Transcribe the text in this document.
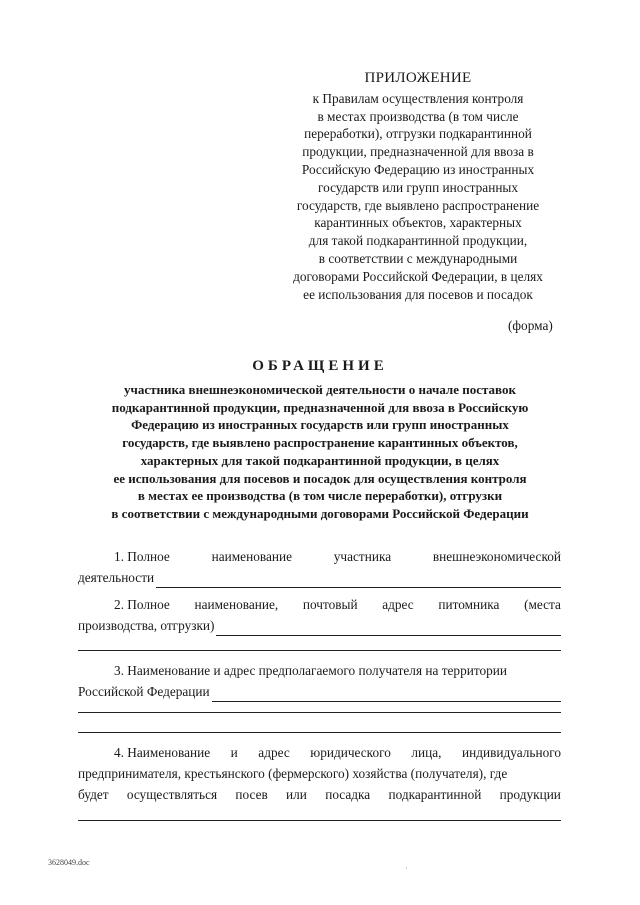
ПРИЛОЖЕНИЕ
к Правилам осуществления контроля
в местах производства (в том числе
переработки), отгрузки подкарантинной
продукции, предназначенной для ввоза в
Российскую Федерацию из иностранных
государств или групп иностранных
государств, где выявлено распространение
карантинных объектов, характерных
для такой подкарантинной продукции,
в соответствии с международными
договорами Российской Федерации, в целях
ее использования для посевов и посадок
(форма)
ОБРАЩЕНИЕ
участника внешнеэкономической деятельности о начале поставок
подкарантинной продукции, предназначенной для ввоза в Российскую
Федерацию из иностранных государств или групп иностранных
государств, где выявлено распространение карантинных объектов,
характерных для такой подкарантинной продукции, в целях
ее использования для посевов и посадок для осуществления контроля
в местах ее производства (в том числе переработки), отгрузки
в соответствии с международными договорами Российской Федерации
1. Полное	наименование	участника	внешнеэкономической
деятельности
2. Полное наименование, почтовый адрес питомника (места
производства, отгрузки)
3. Наименование и адрес предполагаемого получателя на территории
Российской Федерации
4. Наименование и адрес юридического лица, индивидуального
предпринимателя, крестьянского (фермерского) хозяйства (получателя), где
будет осуществляться посев или посадка подкарантинной продукции
3628049.doc
·
